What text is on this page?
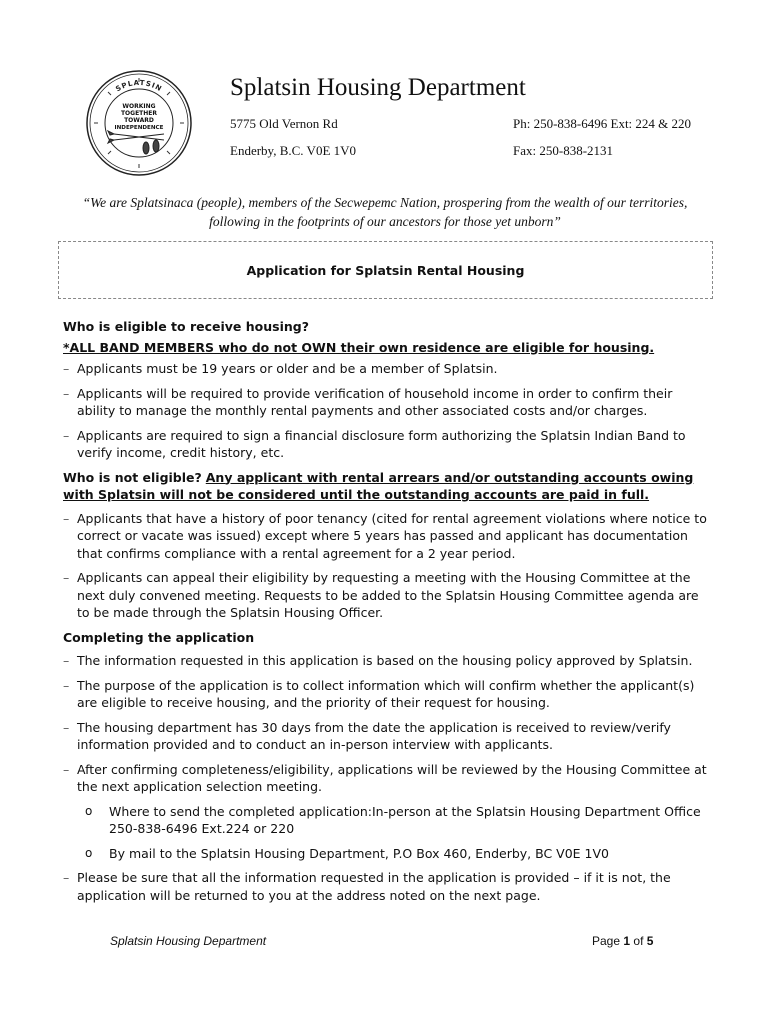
SPLATSIN
WORKING
TOGETHER
TOWARD
INDEPENDENCE
Splatsin Housing Department
5775 Old Vernon Rd	Ph: 250-838-6496 Ext: 224 & 220
Enderby, B.C. V0E 1V0	Fax: 250-838-2131
“We are Splatsinaca (people), members of the Secwepemc Nation, prospering from the wealth of our territories,
following in the footprints of our ancestors for those yet unborn”
Application for Splatsin Rental Housing

Who is eligible to receive housing?

*ALL BAND MEMBERS who do not OWN their own residence are eligible for housing.

– Applicants must be 19 years or older and be a member of Splatsin.
– Applicants will be required to provide verification of household income in order to confirm their ability to manage the monthly rental payments and other associated costs and/or charges.
– Applicants are required to sign a financial disclosure form authorizing the Splatsin Indian Band to verify income, credit history, etc.

Who is not eligible? Any applicant with rental arrears and/or outstanding accounts owing with Splatsin will not be considered until the outstanding accounts are paid in full.

– Applicants that have a history of poor tenancy (cited for rental agreement violations where notice to correct or vacate was issued) except where 5 years has passed and applicant has documentation that confirms compliance with a rental agreement for a 2 year period.
– Applicants can appeal their eligibility by requesting a meeting with the Housing Committee at the next duly convened meeting. Requests to be added to the Splatsin Housing Committee agenda are to be made through the Splatsin Housing Officer.

Completing the application

– The information requested in this application is based on the housing policy approved by Splatsin.
– The purpose of the application is to collect information which will confirm whether the applicant(s) are eligible to receive housing, and the priority of their request for housing.
– The housing department has 30 days from the date the application is received to review/verify information provided and to conduct an in-person interview with applicants.
– After confirming completeness/eligibility, applications will be reviewed by the Housing Committee at the next application selection meeting.
o Where to send the completed application:In-person at the Splatsin Housing Department Office 250-838-6496 Ext.224 or 220
o By mail to the Splatsin Housing Department, P.O Box 460, Enderby, BC V0E 1V0
– Please be sure that all the information requested in the application is provided – if it is not, the application will be returned to you at the address noted on the next page.
Splatsin Housing Department	Page 1 of 5
